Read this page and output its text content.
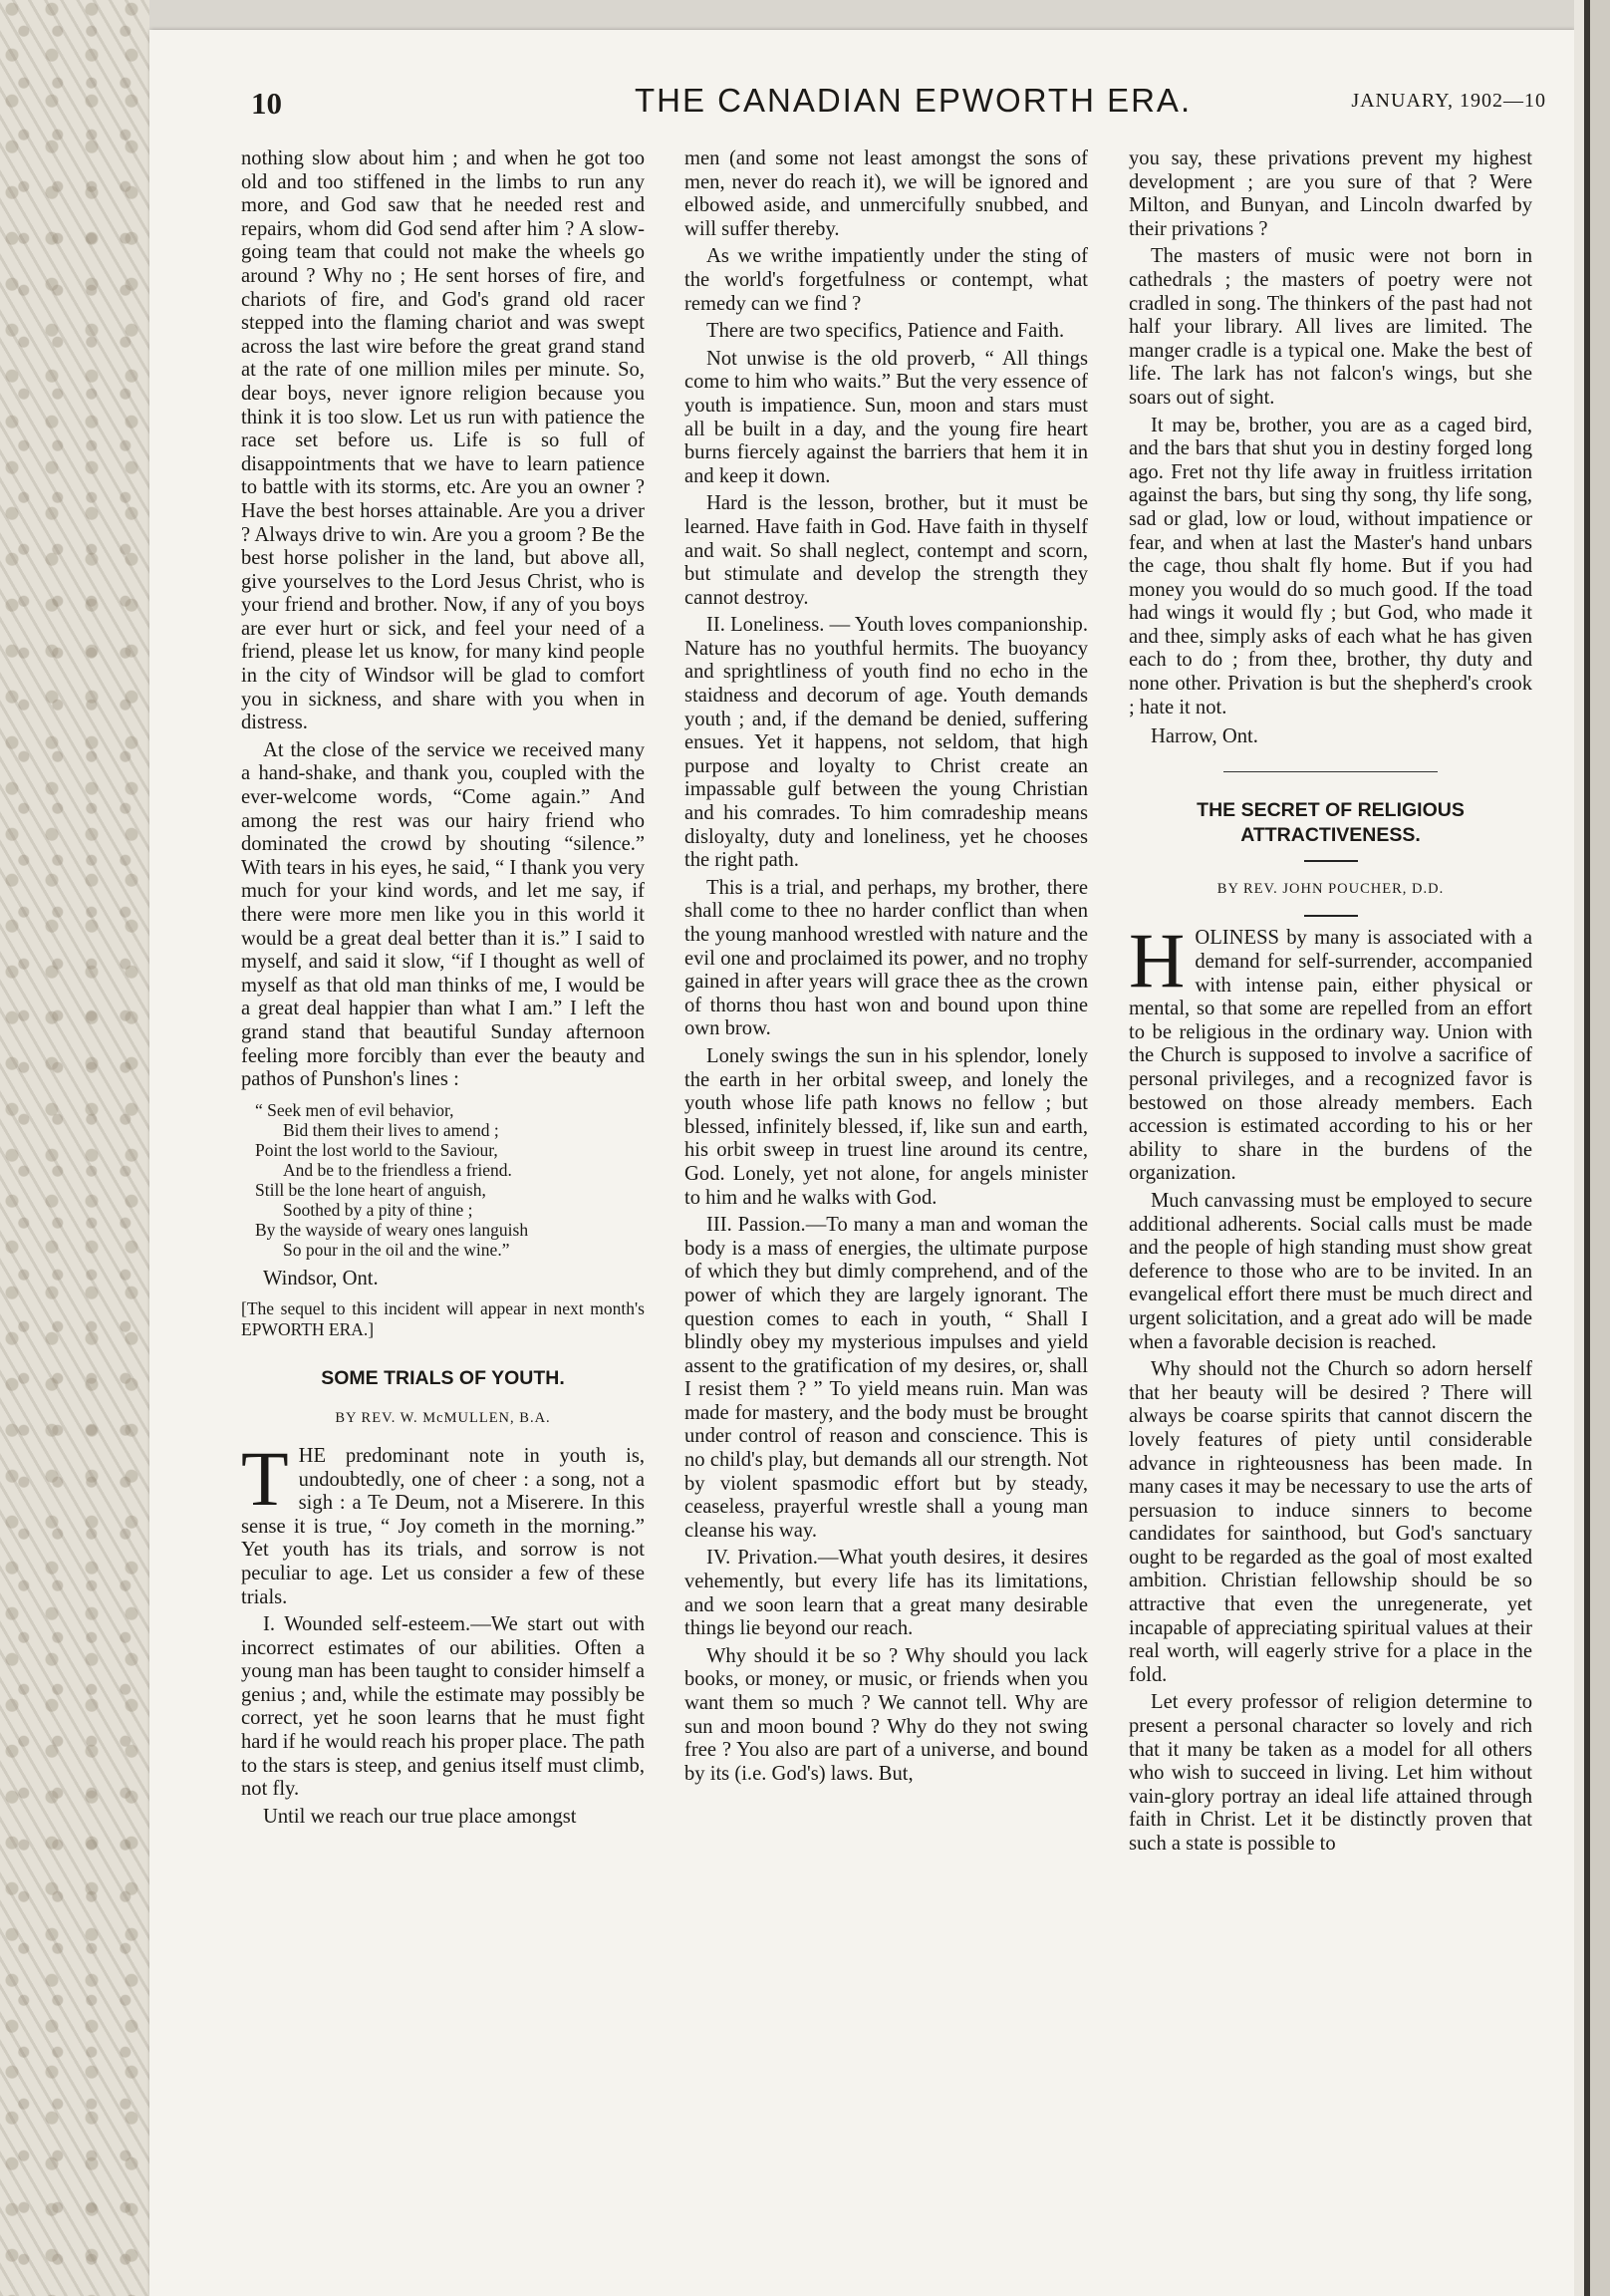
10	THE CANADIAN EPWORTH ERA.	JANUARY, 1902—10

nothing slow about him ; and when he got too old and too stiffened in the limbs to run any more, and God saw that he needed rest and repairs, whom did God send after him ? A slow-going team that could not make the wheels go around ? Why no ; He sent horses of fire, and chariots of fire, and God's grand old racer stepped into the flaming chariot and was swept across the last wire before the great grand stand at the rate of one million miles per minute. So, dear boys, never ignore religion because you think it is too slow. Let us run with patience the race set before us. Life is so full of disappointments that we have to learn patience to battle with its storms, etc. Are you an owner ? Have the best horses attainable. Are you a driver ? Always drive to win. Are you a groom ? Be the best horse polisher in the land, but above all, give yourselves to the Lord Jesus Christ, who is your friend and brother. Now, if any of you boys are ever hurt or sick, and feel your need of a friend, please let us know, for many kind people in the city of Windsor will be glad to comfort you in sickness, and share with you when in distress.

At the close of the service we received many a hand-shake, and thank you, coupled with the ever-welcome words, “Come again.” And among the rest was our hairy friend who dominated the crowd by shouting “silence.” With tears in his eyes, he said, “ I thank you very much for your kind words, and let me say, if there were more men like you in this world it would be a great deal better than it is.” I said to myself, and said it slow, “if I thought as well of myself as that old man thinks of me, I would be a great deal happier than what I am.” I left the grand stand that beautiful Sunday afternoon feeling more forcibly than ever the beauty and pathos of Punshon's lines :

“ Seek men of evil behavior,
Bid them their lives to amend ;
Point the lost world to the Saviour,
And be to the friendless a friend.
Still be the lone heart of anguish,
Soothed by a pity of thine ;
By the wayside of weary ones languish
So pour in the oil and the wine.”
Windsor, Ont.
[The sequel to this incident will appear in next month's EPWORTH ERA.]
SOME TRIALS OF YOUTH.
BY REV. W. McMULLEN, B.A.

THE predominant note in youth is, undoubtedly, one of cheer : a song, not a sigh : a Te Deum, not a Miserere. In this sense it is true, “ Joy cometh in the morning.” Yet youth has its trials, and sorrow is not peculiar to age. Let us consider a few of these trials.

I. Wounded self-esteem.—We start out with incorrect estimates of our abilities. Often a young man has been taught to consider himself a genius ; and, while the estimate may possibly be correct, yet he soon learns that he must fight hard if he would reach his proper place. The path to the stars is steep, and genius itself must climb, not fly.

Until we reach our true place amongst

men (and some not least amongst the sons of men, never do reach it), we will be ignored and elbowed aside, and unmercifully snubbed, and will suffer thereby.

As we writhe impatiently under the sting of the world's forgetfulness or contempt, what remedy can we find ?

There are two specifics, Patience and Faith.

Not unwise is the old proverb, “ All things come to him who waits.” But the very essence of youth is impatience. Sun, moon and stars must all be built in a day, and the young fire heart burns fiercely against the barriers that hem it in and keep it down.

Hard is the lesson, brother, but it must be learned. Have faith in God. Have faith in thyself and wait. So shall neglect, contempt and scorn, but stimulate and develop the strength they cannot destroy.

II. Loneliness. — Youth loves companionship. Nature has no youthful hermits. The buoyancy and sprightliness of youth find no echo in the staidness and decorum of age. Youth demands youth ; and, if the demand be denied, suffering ensues. Yet it happens, not seldom, that high purpose and loyalty to Christ create an impassable gulf between the young Christian and his comrades. To him comradeship means disloyalty, duty and loneliness, yet he chooses the right path.

This is a trial, and perhaps, my brother, there shall come to thee no harder conflict than when the young manhood wrestled with nature and the evil one and proclaimed its power, and no trophy gained in after years will grace thee as the crown of thorns thou hast won and bound upon thine own brow.

Lonely swings the sun in his splendor, lonely the earth in her orbital sweep, and lonely the youth whose life path knows no fellow ; but blessed, infinitely blessed, if, like sun and earth, his orbit sweep in truest line around its centre, God. Lonely, yet not alone, for angels minister to him and he walks with God.

III. Passion.—To many a man and woman the body is a mass of energies, the ultimate purpose of which they but dimly comprehend, and of the power of which they are largely ignorant. The question comes to each in youth, “ Shall I blindly obey my mysterious impulses and yield assent to the gratification of my desires, or, shall I resist them ? ” To yield means ruin. Man was made for mastery, and the body must be brought under control of reason and conscience. This is no child's play, but demands all our strength. Not by violent spasmodic effort but by steady, ceaseless, prayerful wrestle shall a young man cleanse his way.

IV. Privation.—What youth desires, it desires vehemently, but every life has its limitations, and we soon learn that a great many desirable things lie beyond our reach.

Why should it be so ? Why should you lack books, or money, or music, or friends when you want them so much ? We cannot tell. Why are sun and moon bound ? Why do they not swing free ? You also are part of a universe, and bound by its (i.e. God's) laws. But,

you say, these privations prevent my highest development ; are you sure of that ? Were Milton, and Bunyan, and Lincoln dwarfed by their privations ?

The masters of music were not born in cathedrals ; the masters of poetry were not cradled in song. The thinkers of the past had not half your library. All lives are limited. The manger cradle is a typical one. Make the best of life. The lark has not falcon's wings, but she soars out of sight.

It may be, brother, you are as a caged bird, and the bars that shut you in destiny forged long ago. Fret not thy life away in fruitless irritation against the bars, but sing thy song, thy life song, sad or glad, low or loud, without impatience or fear, and when at last the Master's hand unbars the cage, thou shalt fly home. But if you had money you would do so much good. If the toad had wings it would fly ; but God, who made it and thee, simply asks of each what he has given each to do ; from thee, brother, thy duty and none other. Privation is but the shepherd's crook ; hate it not.

Harrow, Ont.
THE SECRET OF RELIGIOUS ATTRACTIVENESS.
BY REV. JOHN POUCHER, D.D.

HOLINESS by many is associated with a demand for self-surrender, accompanied with intense pain, either physical or mental, so that some are repelled from an effort to be religious in the ordinary way. Union with the Church is supposed to involve a sacrifice of personal privileges, and a recognized favor is bestowed on those already members. Each accession is estimated according to his or her ability to share in the burdens of the organization.

Much canvassing must be employed to secure additional adherents. Social calls must be made and the people of high standing must show great deference to those who are to be invited. In an evangelical effort there must be much direct and urgent solicitation, and a great ado will be made when a favorable decision is reached.

Why should not the Church so adorn herself that her beauty will be desired ? There will always be coarse spirits that cannot discern the lovely features of piety until considerable advance in righteousness has been made. In many cases it may be necessary to use the arts of persuasion to induce sinners to become candidates for sainthood, but God's sanctuary ought to be regarded as the goal of most exalted ambition. Christian fellowship should be so attractive that even the unregenerate, yet incapable of appreciating spiritual values at their real worth, will eagerly strive for a place in the fold.

Let every professor of religion determine to present a personal character so lovely and rich that it many be taken as a model for all others who wish to succeed in living. Let him without vain-glory portray an ideal life attained through faith in Christ. Let it be distinctly proven that such a state is possible to
